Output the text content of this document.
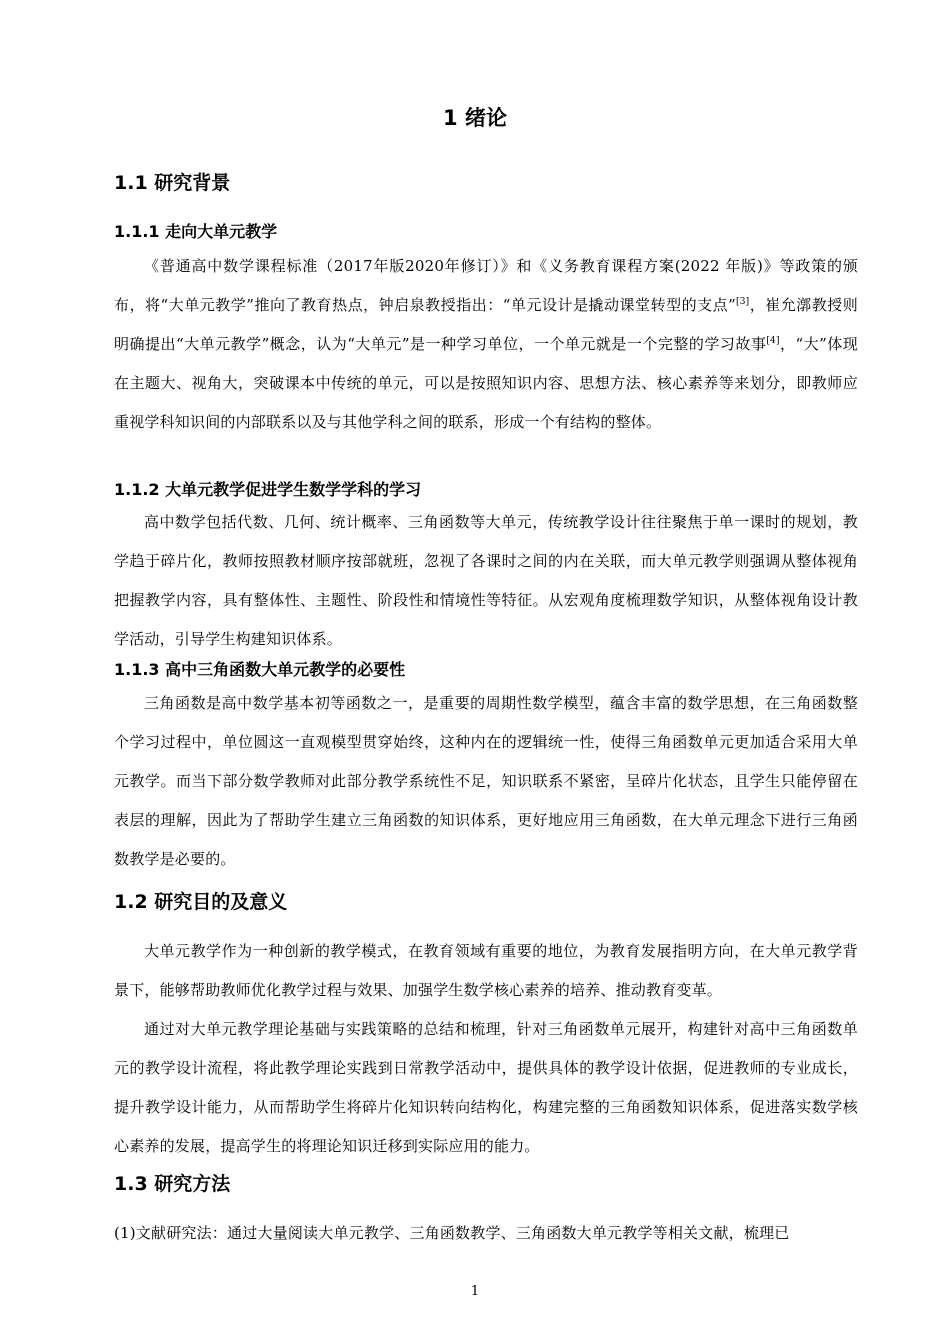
1 绪论
1.1 研究背景
1.1.1 走向大单元教学

《普通高中数学课程标准（2017年版2020年修订）》和《义务教育课程方案(2022 年版)》等政策的颁布，将“大单元教学”推向了教育热点，钟启泉教授指出：“单元设计是撬动课堂转型的支点”[3]，崔允漷教授则明确提出“大单元教学”概念，认为“大单元”是一种学习单位，一个单元就是一个完整的学习故事[4]，“大”体现在主题大、视角大，突破课本中传统的单元，可以是按照知识内容、思想方法、核心素养等来划分，即教师应重视学科知识间的内部联系以及与其他学科之间的联系，形成一个有结构的整体。

1.1.2 大单元教学促进学生数学学科的学习

高中数学包括代数、几何、统计概率、三角函数等大单元，传统教学设计往往聚焦于单一课时的规划，教学趋于碎片化，教师按照教材顺序按部就班，忽视了各课时之间的内在关联，而大单元教学则强调从整体视角把握教学内容，具有整体性、主题性、阶段性和情境性等特征。从宏观角度梳理数学知识，从整体视角设计教学活动，引导学生构建知识体系。

1.1.3 高中三角函数大单元教学的必要性

三角函数是高中数学基本初等函数之一，是重要的周期性数学模型，蕴含丰富的数学思想，在三角函数整个学习过程中，单位圆这一直观模型贯穿始终，这种内在的逻辑统一性，使得三角函数单元更加适合采用大单元教学。而当下部分数学教师对此部分教学系统性不足，知识联系不紧密，呈碎片化状态，且学生只能停留在表层的理解，因此为了帮助学生建立三角函数的知识体系，更好地应用三角函数，在大单元理念下进行三角函数教学是必要的。

1.2 研究目的及意义

大单元教学作为一种创新的教学模式，在教育领域有重要的地位，为教育发展指明方向，在大单元教学背景下，能够帮助教师优化教学过程与效果、加强学生数学核心素养的培养、推动教育变革。

通过对大单元教学理论基础与实践策略的总结和梳理，针对三角函数单元展开，构建针对高中三角函数单元的教学设计流程，将此教学理论实践到日常教学活动中，提供具体的教学设计依据，促进教师的专业成长，提升教学设计能力，从而帮助学生将碎片化知识转向结构化，构建完整的三角函数知识体系，促进落实数学核心素养的发展，提高学生的将理论知识迁移到实际应用的能力。

1.3 研究方法

(1)文献研究法：通过大量阅读大单元教学、三角函数教学、三角函数大单元教学等相关文献，梳理已

1
